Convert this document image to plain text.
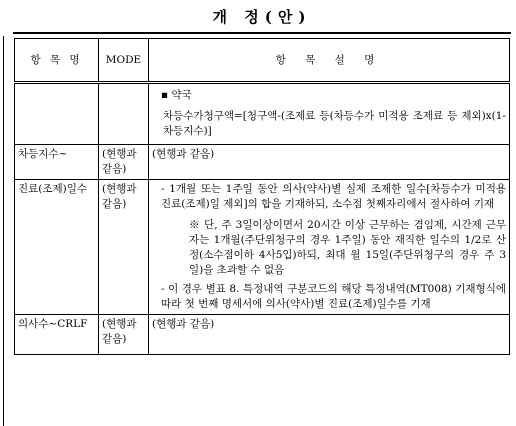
개 정(안)
항 목 명	MODE	항 목 설 명

		▪ 약국
차등수가청구액=[청구액-(조제료 등(차등수가 미적용 조제료 등 제외)x(1-차등지수)]

차등지수~	(현행과 같음)	(현행과 같음)
진료(조제)일수	(현행과 같음)	- 1개월 또는 1주일 동안 의사(약사)별 실제 조제한 일수[차등수가 미적용 진료(조제)일 제외]의 합을 기재하되, 소수점 첫째자리에서 절사하여 기재
※ 단, 주 3일이상이면서 20시간 이상 근무하는 겸임제, 시간제 근무자는 1개월(주단위청구의 경우 1주일) 동안 재직한 일수의 1/2로 산정(소수점이하 4사5입)하되, 최대 월 15일(주단위청구의 경우 주 3일)을 초과할 수 없음
- 이 경우 별표 8. 특정내역 구분코드의 해당 특정내역(MT008) 기재형식에 따라 첫 번째 명세서에 의사(약사)별 진료(조제)일수를 기재

의사수~CRLF	(현행과 같음)	(현행과 같음)
